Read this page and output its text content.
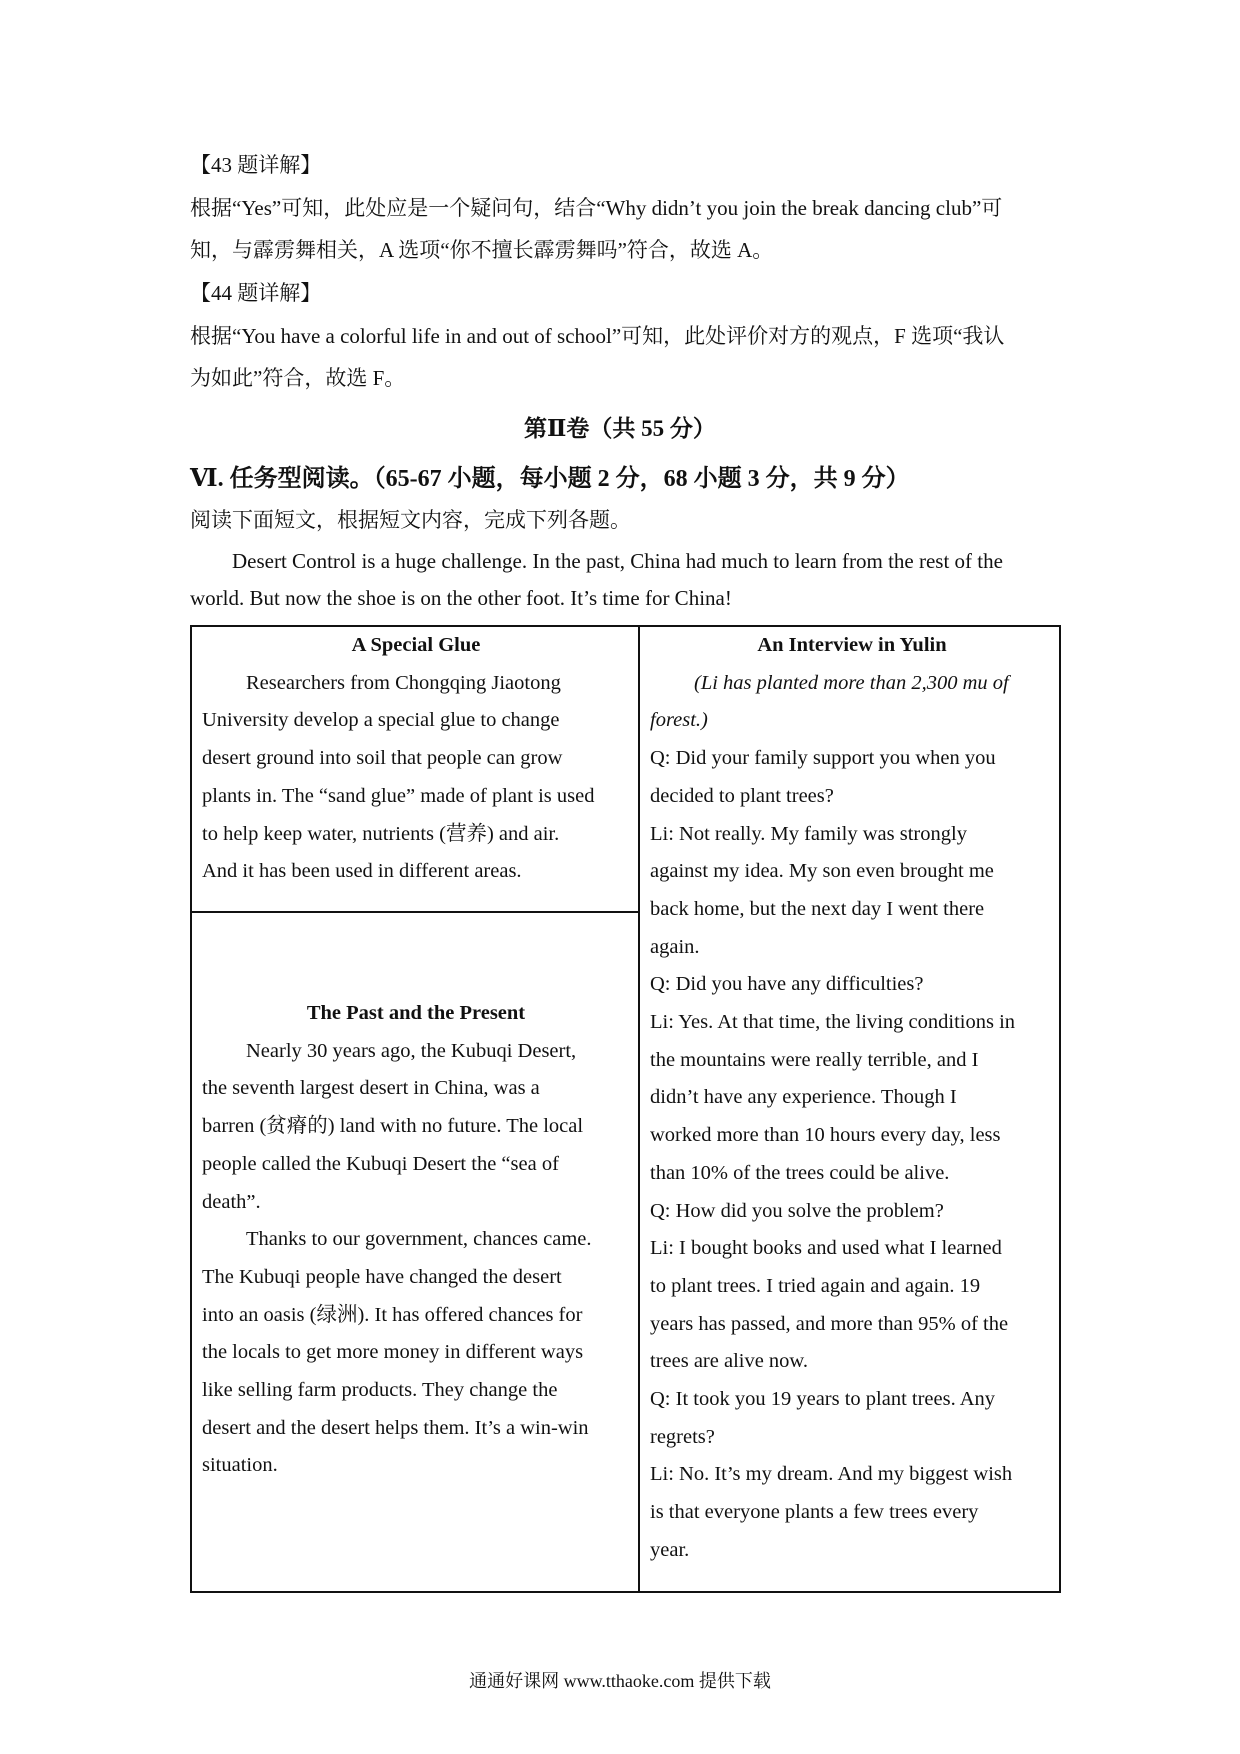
【43 题详解】
根据“Yes”可知，此处应是一个疑问句，结合“Why didn’t you join the break dancing club”可
知，与霹雳舞相关，A 选项“你不擅长霹雳舞吗”符合，故选 A。
【44 题详解】
根据“You have a colorful life in and out of school”可知，此处评价对方的观点，F 选项“我认
为如此”符合，故选 F。
第Ⅱ卷（共 55 分）
Ⅵ. 任务型阅读。（65-67 小题，每小题 2 分，68 小题 3 分，共 9 分）
阅读下面短文，根据短文内容，完成下列各题。
Desert Control is a huge challenge. In the past, China had much to learn from the rest of the
world. But now the shoe is on the other foot. It’s time for China!

A Special Glue

Researchers from Chongqing Jiaotong

University develop a special glue to change

desert ground into soil that people can grow

plants in. The “sand glue” made of plant is used

to help keep water, nutrients (营养) and air.

And it has been used in different areas.

The Past and the Present

Nearly 30 years ago, the Kubuqi Desert,

the seventh largest desert in China, was a

barren (贫瘠的) land with no future. The local

people called the Kubuqi Desert the “sea of

death”.

Thanks to our government, chances came.

The Kubuqi people have changed the desert

into an oasis (绿洲). It has offered chances for

the locals to get more money in different ways

like selling farm products. They change the

desert and the desert helps them. It’s a win-win

situation.

An Interview in Yulin

(Li has planted more than 2,300 mu of

forest.)

Q: Did your family support you when you

decided to plant trees?

Li: Not really. My family was strongly

against my idea. My son even brought me

back home, but the next day I went there

again.

Q: Did you have any difficulties?

Li: Yes. At that time, the living conditions in

the mountains were really terrible, and I

didn’t have any experience. Though I

worked more than 10 hours every day, less

than 10% of the trees could be alive.

Q: How did you solve the problem?

Li: I bought books and used what I learned

to plant trees. I tried again and again. 19

years has passed, and more than 95% of the

trees are alive now.

Q: It took you 19 years to plant trees. Any

regrets?

Li: No. It’s my dream. And my biggest wish

is that everyone plants a few trees every

year.

通通好课网 www.tthaoke.com 提供下载
